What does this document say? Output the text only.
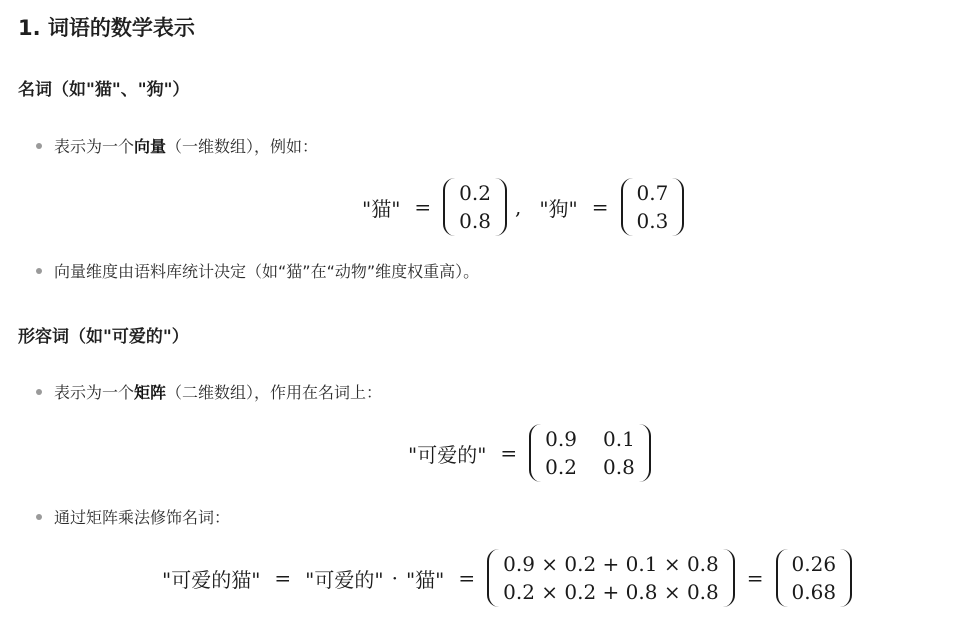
1. 词语的数学表示
名词（如"猫"、"狗"）
表示为一个向量（一维数组），例如：
"猫" =
0.2
0.8
, "狗" =
0.7
0.3
向量维度由语料库统计决定（如“猫”在“动物”维度权重高）。
形容词（如"可爱的"）
表示为一个矩阵（二维数组），作用在名词上：
"可爱的" =
0.9 0.1
0.2 0.8
通过矩阵乘法修饰名词：
"可爱的猫" = "可爱的" · "猫" =
0.9 × 0.2 + 0.1 × 0.8
0.2 × 0.2 + 0.8 × 0.8
=
0.26
0.68
